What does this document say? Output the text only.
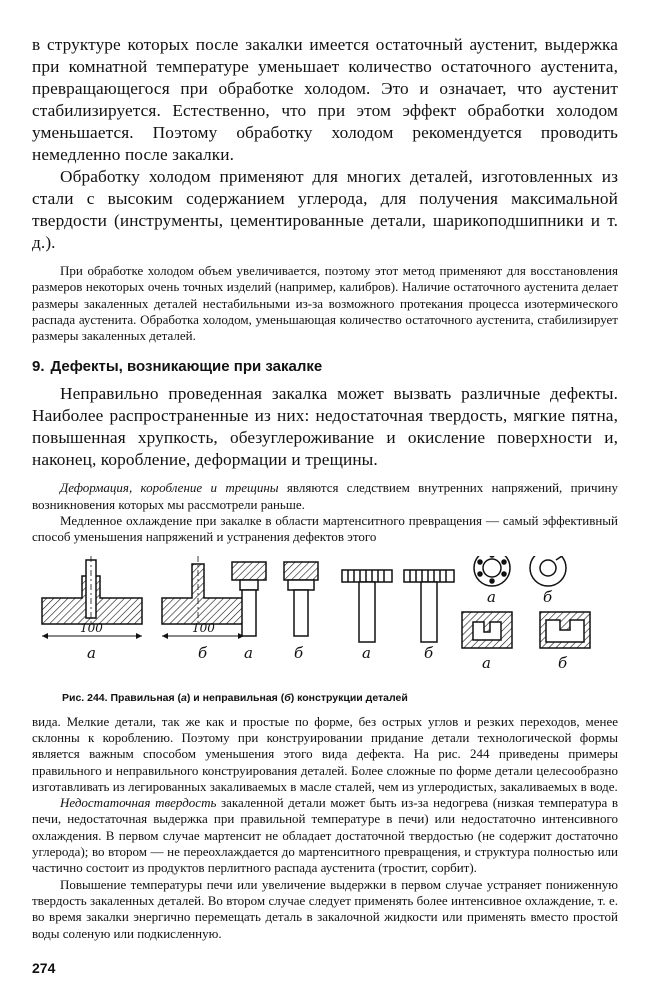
в структуре которых после закалки имеется остаточный аустенит, выдержка при комнатной температуре уменьшает количество остаточного аустенита, превращающегося при обработке холодом. Это и означает, что аустенит стабилизируется. Естественно, что при этом эффект обработки холодом уменьшается. Поэтому обработку холодом рекомендуется проводить немедленно после закалки.

Обработку холодом применяют для многих деталей, изготовленных из стали с высоким содержанием углерода, для получения максимальной твердости (инструменты, цементированные детали, шарикоподшипники и т. д.).

При обработке холодом объем увеличивается, поэтому этот метод применяют для восстановления размеров некоторых очень точных изделий (например, калибров). Наличие остаточного аустенита делает размеры закаленных деталей нестабильными из-за возможного протекания процесса изотермического распада аустенита. Обработка холодом, уменьшающая количество остаточного аустенита, стабилизирует размеры закаленных деталей.

9. Дефекты, возникающие при закалке

Неправильно проведенная закалка может вызвать различные дефекты. Наиболее распространенные из них: недостаточная твердость, мягкие пятна, повышенная хрупкость, обезуглероживание и окисление поверхности и, наконец, коробление, деформации и трещины.

Деформация, коробление и трещины являются следствием внутренних напряжений, причину возникновения которых мы рассмотрели раньше.

Медленное охлаждение при закалке в области мартенситного превращения — самый эффективный способ уменьшения напряжений и устранения дефектов этого

100
а
100
б а	б	а	б
а	б
а	б
Рис. 244. Правильная (а) и неправильная (б) конструкции деталей

вида. Мелкие детали, так же как и простые по форме, без острых углов и резких переходов, менее склонны к короблению. Поэтому при конструировании придание детали технологической формы является важным способом уменьшения этого вида дефекта. На рис. 244 приведены примеры правильного и неправильного конструирования деталей. Более сложные по форме детали целесообразно изготавливать из легированных закаливаемых в масле сталей, чем из углеродистых, закаливаемых в воде.

Недостаточная твердость закаленной детали может быть из-за недогрева (низкая температура в печи, недостаточная выдержка при правильной температуре в печи) или недостаточно интенсивного охлаждения. В первом случае мартенсит не обладает достаточной твердостью (не содержит достаточно углерода); во втором — не переохлаждается до мартенситного превращения, и структура полностью или частично состоит из продуктов перлитного распада аустенита (тростит, сорбит).

Повышение температуры печи или увеличение выдержки в первом случае устраняет пониженную твердость закаленных деталей. Во втором случае следует применять более интенсивное охлаждение, т. е. во время закалки энергично перемещать деталь в закалочной жидкости или применять вместо простой воды соленую или подкисленную.

274
